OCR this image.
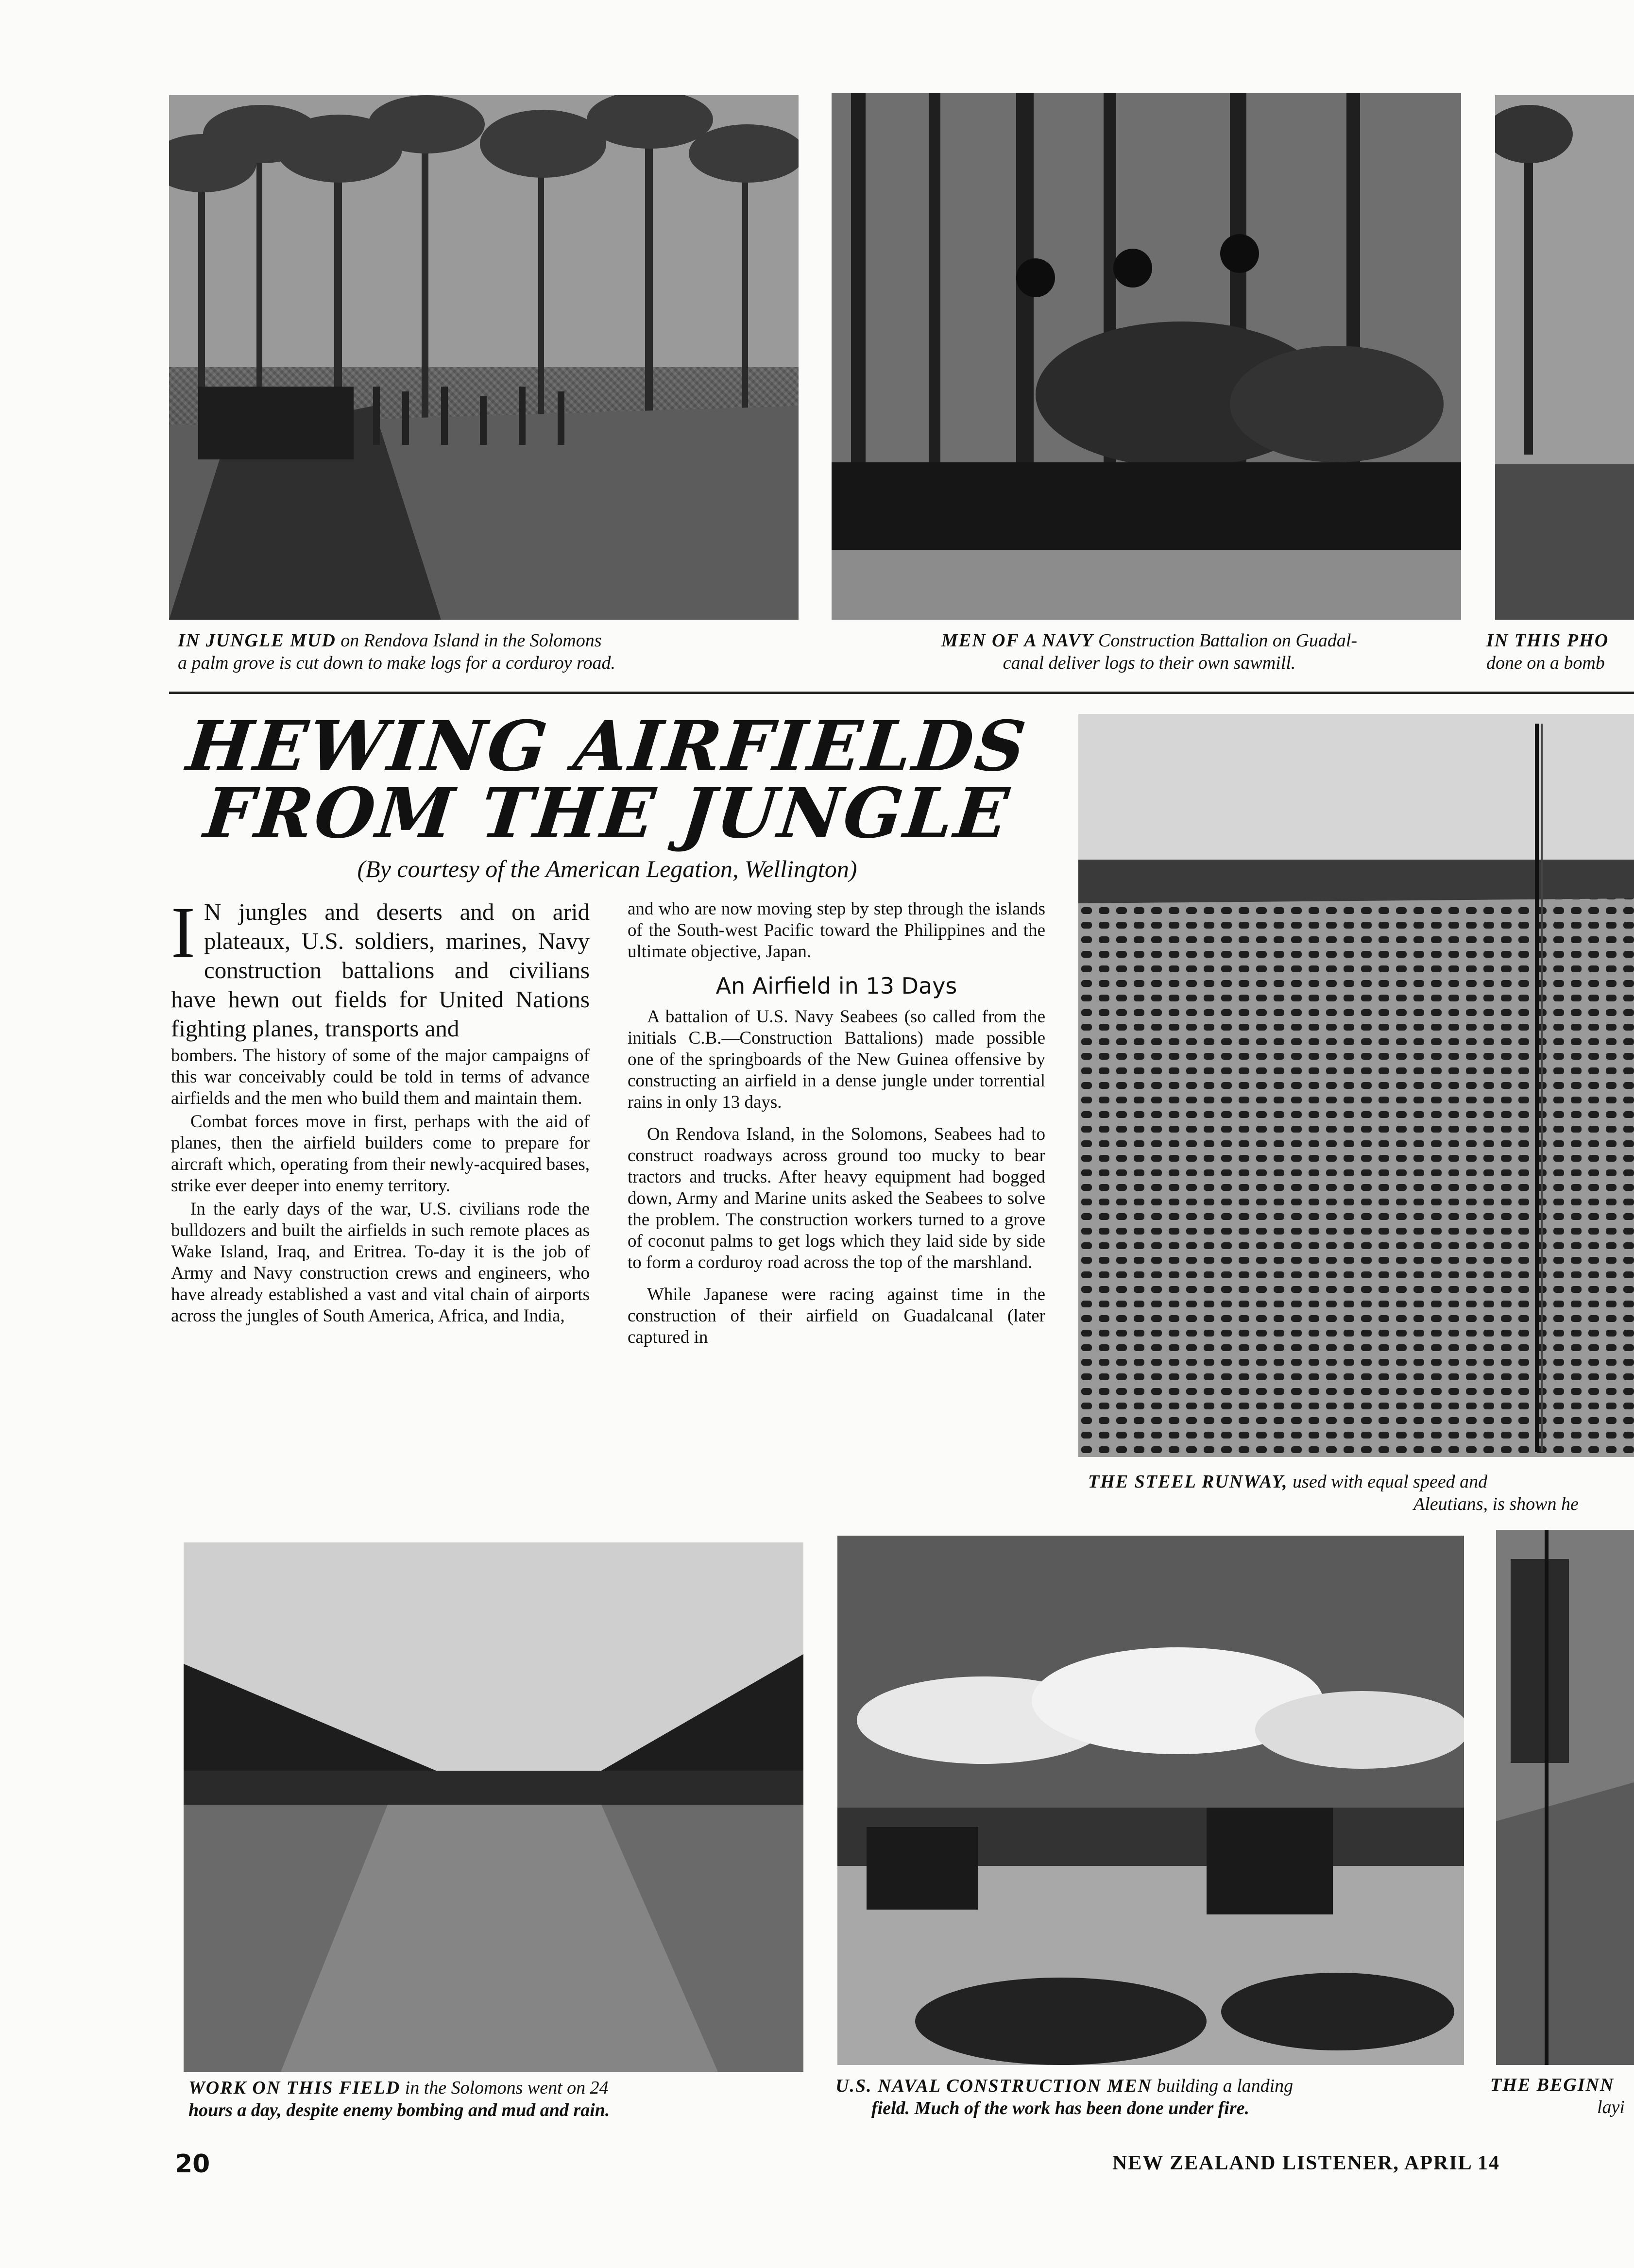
IN JUNGLE MUD on Rendova Island in the Solomons
a palm grove is cut down to make logs for a corduroy road.

MEN OF A NAVY Construction Battalion on Guadal-
canal deliver logs to their own sawmill.

IN THIS PHO
done on a bomb

HEWING AIRFIELDS
FROM THE JUNGLE

(By courtesy of the American Legation, Wellington)

I N jungles and deserts and on arid plateaux, U.S. soldiers, marines, Navy construction battalions and civilians have hewn out fields for United Nations fighting planes, transports and

bombers. The history of some of the major campaigns of this war conceivably could be told in terms of advance airfields and the men who build them and maintain them.

Combat forces move in first, perhaps with the aid of planes, then the airfield builders come to prepare for aircraft which, operating from their newly-acquired bases, strike ever deeper into enemy territory.

In the early days of the war, U.S. civilians rode the bulldozers and built the airfields in such remote places as Wake Island, Iraq, and Eritrea. To-day it is the job of Army and Navy construction crews and engineers, who have already established a vast and vital chain of airports across the jungles of South America, Africa, and India,

and who are now moving step by step through the islands of the South-west Pacific toward the Philippines and the ultimate objective, Japan.

An Airfield in 13 Days

A battalion of U.S. Navy Seabees (so called from the initials C.B.—Construction Battalions) made possible one of the springboards of the New Guinea offensive by constructing an airfield in a dense jungle under torrential rains in only 13 days.

On Rendova Island, in the Solomons, Seabees had to construct roadways across ground too mucky to bear tractors and trucks. After heavy equipment had bogged down, Army and Marine units asked the Seabees to solve the problem. The construction workers turned to a grove of coconut palms to get logs which they laid side by side to form a corduroy road across the top of the marshland.

While Japanese were racing against time in the construction of their airfield on Guadalcanal (later captured in

THE STEEL RUNWAY, used with equal speed and
Aleutians, is shown he

WORK ON THIS FIELD in the Solomons went on 24
hours a day, despite enemy bombing and mud and rain.

U.S. NAVAL CONSTRUCTION MEN building a landing
field. Much of the work has been done under fire.

THE BEGINN
layi

20	NEW ZEALAND LISTENER, APRIL 14
